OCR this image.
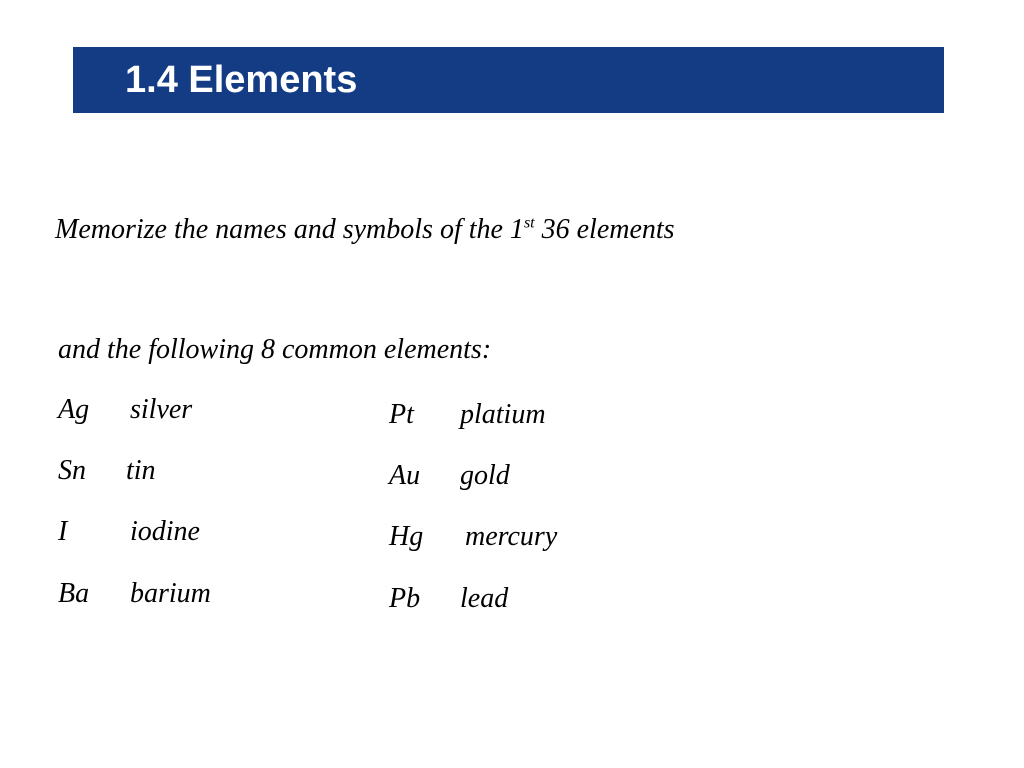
1.4 Elements
Memorize the names and symbols of the 1st 36 elements
and the following 8 common elements:
Ag silver
Sn tin
I iodine
Ba barium
Pt platium
Au gold
Hg mercury
Pb lead
